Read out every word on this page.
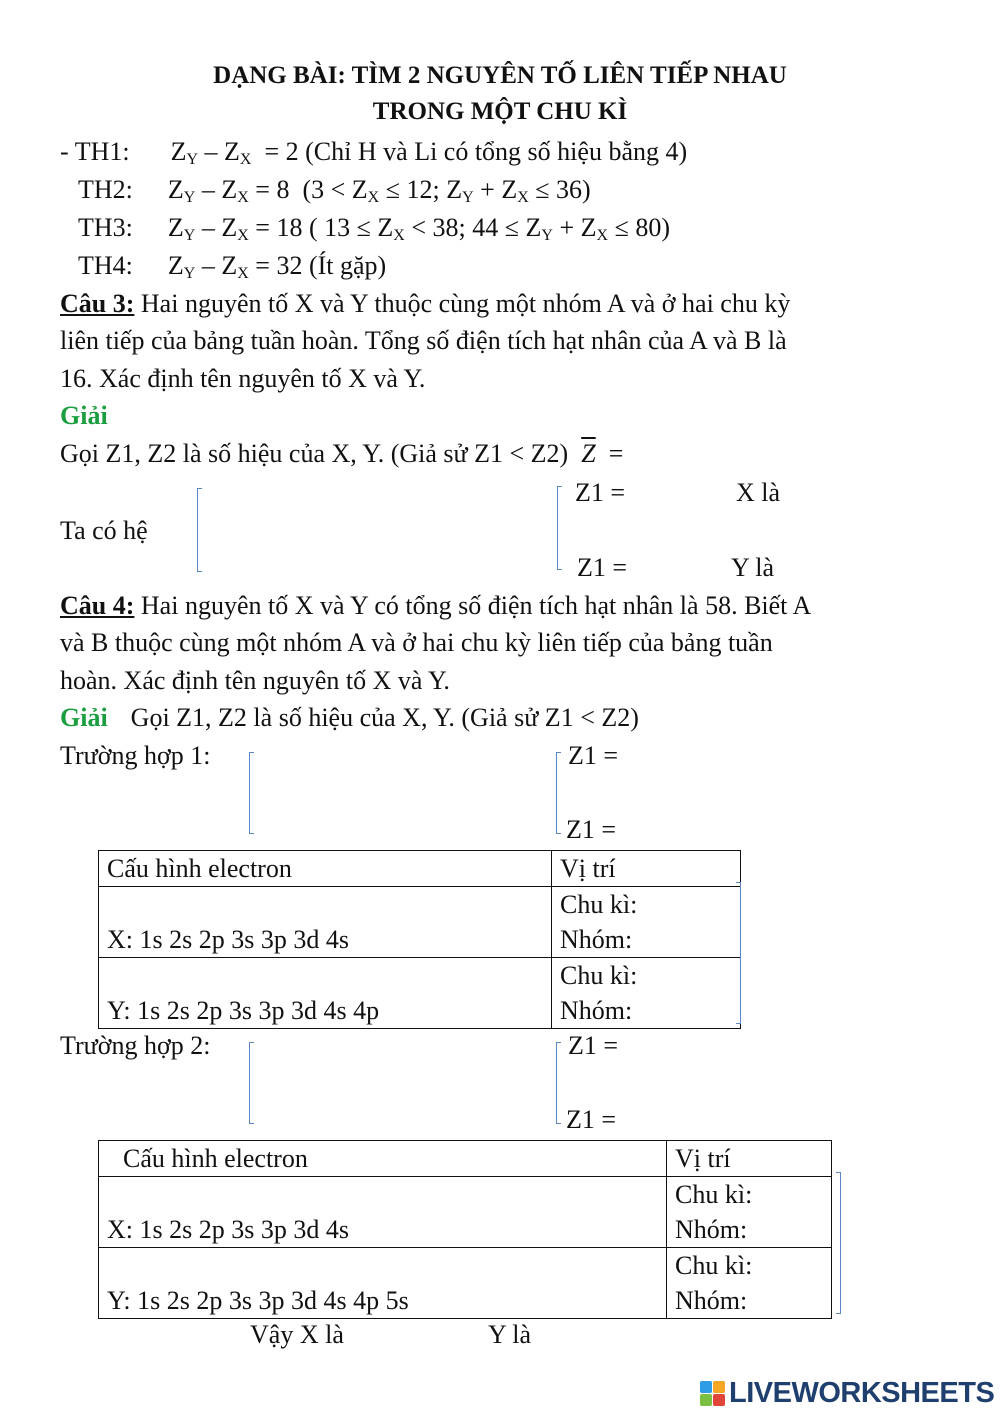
DẠNG BÀI: TÌM 2 NGUYÊN TỐ LIÊN TIẾP NHAU
TRONG MỘT CHU KÌ
- TH1: $Z_Y - Z_X = 2$ (Chỉ H và Li có tổng số hiệu bằng 4)
TH2: $Z_Y - Z_X = 8$ ($3 < Z_X \le 12$; $Z_Y + Z_X \le 36$)
TH3: $Z_Y - Z_X = 18$ ( $13 \le Z_X < 38$; $44 \le Z_Y + Z_X \le 80$)
TH4: $Z_Y - Z_X = 32$ (Ít gặp)
Câu 3: Hai nguyên tố X và Y thuộc cùng một nhóm A và ở hai chu kỳ
liên tiếp của bảng tuần hoàn. Tổng số điện tích hạt nhân của A và B là
16. Xác định tên nguyên tố X và Y.
Giải
Gọi Z1, Z2 là số hiệu của X, Y. (Giả sử Z1 < Z2) $\overline{Z}$ =
Ta có hệ
Z1 =	X là
Z1 =	Y là
Câu 4: Hai nguyên tố X và Y có tổng số điện tích hạt nhân là 58. Biết A
và B thuộc cùng một nhóm A và ở hai chu kỳ liên tiếp của bảng tuần
hoàn. Xác định tên nguyên tố X và Y.
Giải Gọi Z1, Z2 là số hiệu của X, Y. (Giả sử Z1 < Z2)
Trường hợp 1:	Z1 =
Z1 =
Cấu hình electron	Vị trí
X: 1s 2s 2p 3s 3p 3d 4s	Chu kì:
Nhóm:

Y: 1s 2s 2p 3s 3p 3d 4s 4p	Chu kì:
Nhóm:
Trường hợp 2:	Z1 =
Z1 =
Cấu hình electron	Vị trí
X: 1s 2s 2p 3s 3p 3d 4s	Chu kì:
Nhóm:

Y: 1s 2s 2p 3s 3p 3d 4s 4p 5s	Chu kì:
Nhóm:
Vậy X là	Y là
LIVEWORKSHEETS
